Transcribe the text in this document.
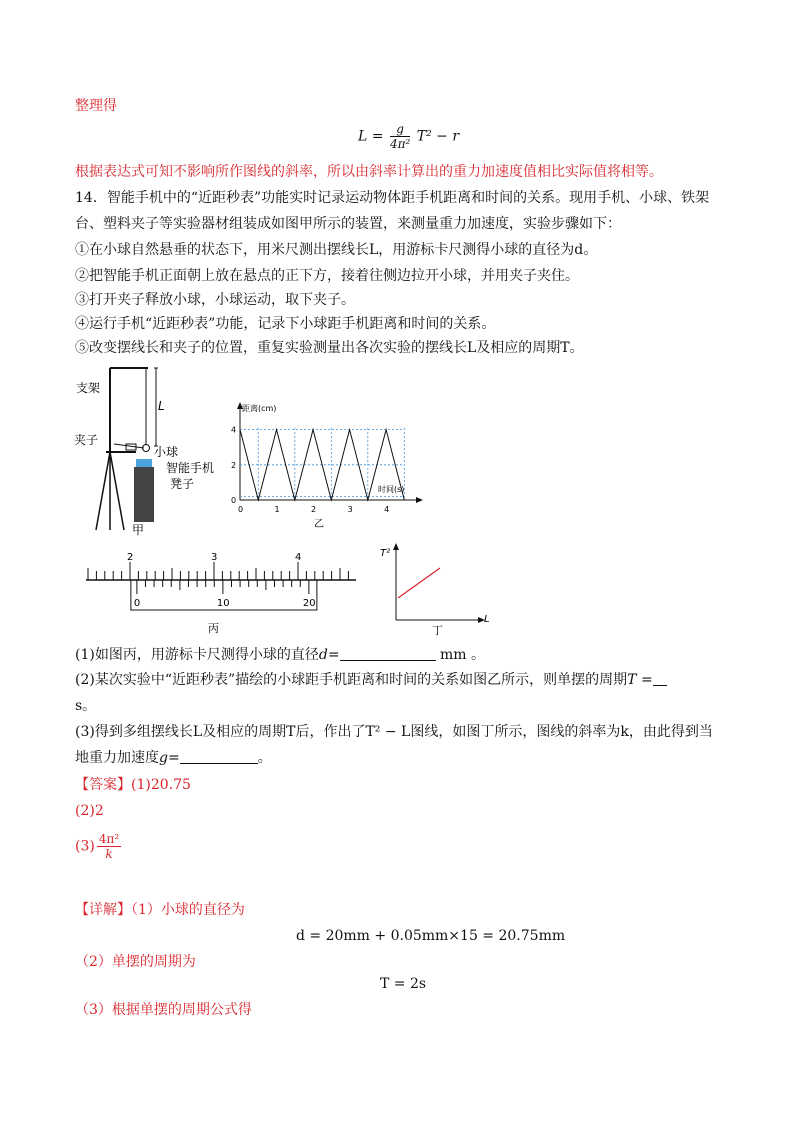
整理得
$L = \frac{g}{\text{4π²}} T^2 - r$
根据表达式可知不影响所作图线的斜率，所以由斜率计算出的重力加速度值相比实际值将相等。
14．智能手机中的“近距秒表”功能实时记录运动物体距手机距离和时间的关系。现用手机、小球、铁架
台、塑料夹子等实验器材组装成如图甲所示的装置，来测量重力加速度，实验步骤如下：
①在小球自然悬垂的状态下，用米尺测出摆线长L，用游标卡尺测得小球的直径为d。
②把智能手机正面朝上放在悬点的正下方，接着往侧边拉开小球，并用夹子夹住。
③打开夹子释放小球，小球运动，取下夹子。
④运行手机“近距秒表”功能，记录下小球距手机距离和时间的关系。
⑤改变摆线长和夹子的位置，重复实验测量出各次实验的摆线长L及相应的周期T。
L
支架
夹子
小球
智能手机
凳子
甲
0
2
4
0	1	2	3	4
距离(cm)
时间(s)
乙
2	3	4
0	10	20
丙
T²
L
丁
(1)如图丙，用游标卡尺测得小球的直径d=	mm 。
(2)某次实验中“近距秒表”描绘的小球距手机距离和时间的关系如图乙所示，则单摆的周期T =
s。
(3)得到多组摆线长L及相应的周期T后，作出了T² − L图线，如图丁所示，图线的斜率为k，由此得到当
地重力加速度g=	。
【答案】(1)20.75
(2)2
$(3) \frac{\text{4π²}}{k}$
【详解】（1）小球的直径为
d = 20mm + 0.05mm×15 = 20.75mm
（2）单摆的周期为
T = 2s
（3）根据单摆的周期公式得
